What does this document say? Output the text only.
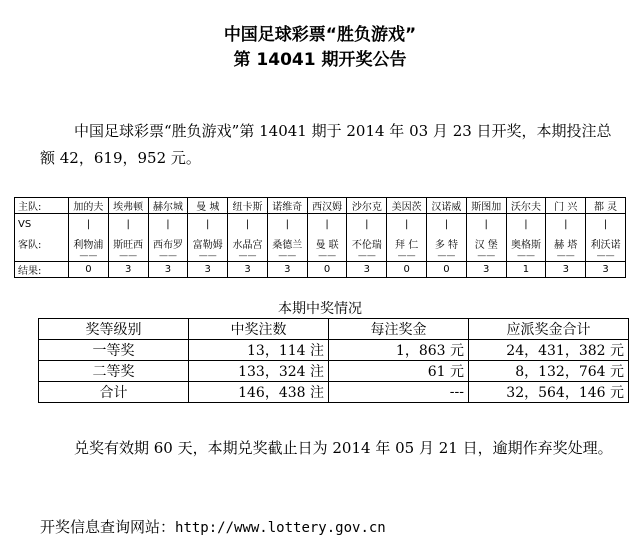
中国足球彩票“胜负游戏”
第 14041 期开奖公告
中国足球彩票“胜负游戏”第 14041 期于 2014 年 03 月 23 日开奖，本期投注总额 42，619，952 元。
主队:	加的夫	埃弗顿	赫尔城	曼 城	纽卡斯	诺维奇	西汉姆	沙尔克	美因茨	汉诺威	斯图加	沃尔夫	门 兴	都 灵
VS	|	|	|	|	|	|	|	|	|	|	|	|	|	|
客队:	利物浦	斯旺西	西布罗	富勒姆	水晶宫	桑德兰	曼 联	不伦瑞	拜 仁	多 特	汉 堡	奥格斯	赫 塔	利沃诺
	——	——	——	——	——	——	——	——	——	——	——	——	——	——
结果:	0	3	3	3	3	3	0	3	0	0	3	1	3	3
本期中奖情况
奖等级别	中奖注数	每注奖金	应派奖金合计
一等奖	13，114 注	1，863 元	24，431，382 元
二等奖	133，324 注	61 元	8，132，764 元
合计	146，438 注	---	32，564，146 元
兑奖有效期 60 天，本期兑奖截止日为 2014 年 05 月 21 日，逾期作弃奖处理。
开奖信息查询网站：http://www.lottery.gov.cn
